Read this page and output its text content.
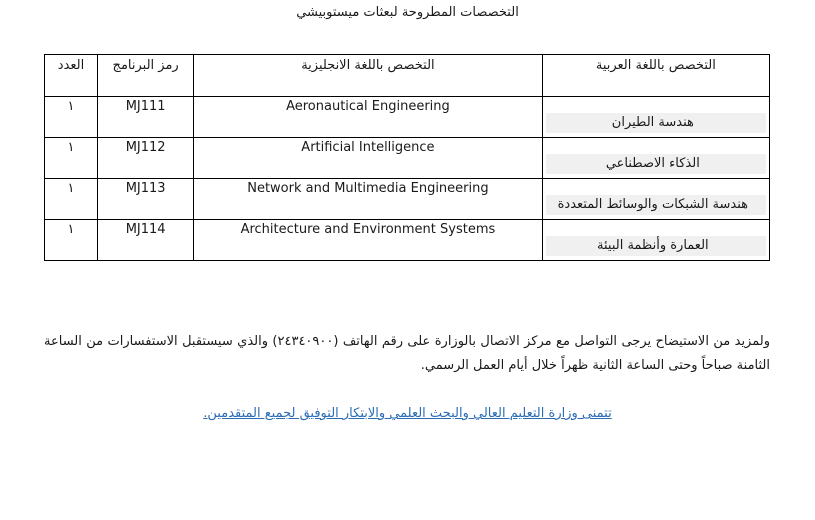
التخصصات المطروحة لبعثات ميستوبيشي
العدد	رمز البرنامج	التخصص باللغة الانجليزية	التخصص باللغة العربية
١	MJ111	Aeronautical Engineering	هندسة الطيران

١	MJ112	Artificial Intelligence	الذكاء الاصطناعي

١	MJ113	Network and Multimedia Engineering	هندسة الشبكات والوسائط المتعددة

١	MJ114	Architecture and Environment Systems	العمارة وأنظمة البيئة

ولمزيد من الاستيضاح يرجى التواصل مع مركز الاتصال بالوزارة على رقم الهاتف (٢٤٣٤٠٩٠٠) والذي سيستقبل الاستفسارات من الساعة الثامنة صباحاً وحتى الساعة الثانية ظهراً خلال أيام العمل الرسمي.

تتمنى وزارة التعليم العالي والبحث العلمي والابتكار التوفيق لجميع المتقدمين.
